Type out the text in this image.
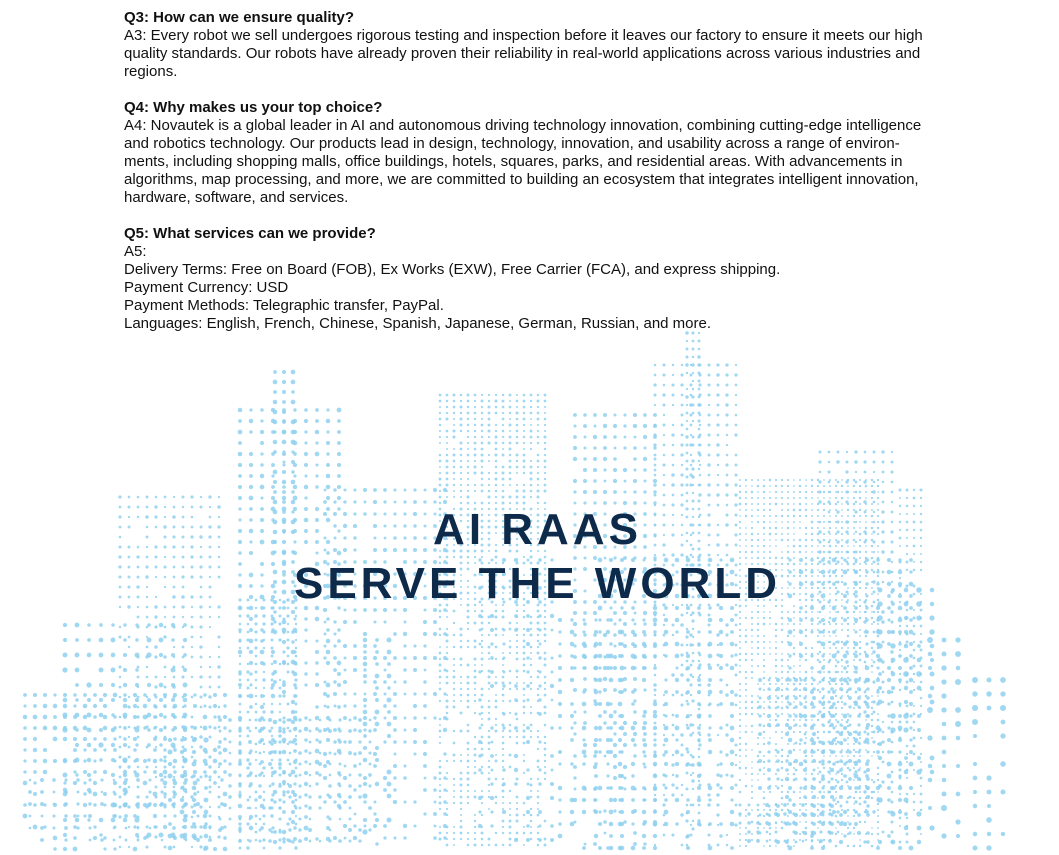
Q3: How can we ensure quality?
A3: Every robot we sell undergoes rigorous testing and inspection before it leaves our factory to ensure it meets our high
quality standards. Our robots have already proven their reliability in real-world applications across various industries and
regions.
Q4: Why makes us your top choice?
A4: Novautek is a global leader in AI and autonomous driving technology innovation, combining cutting-edge intelligence
and robotics technology. Our products lead in design, technology, innovation, and usability across a range of environ-
ments, including shopping malls, office buildings, hotels, squares, parks, and residential areas. With advancements in
algorithms, map processing, and more, we are committed to building an ecosystem that integrates intelligent innovation,
hardware, software, and services.
Q5: What services can we provide?
A5:
Delivery Terms: Free on Board (FOB), Ex Works (EXW), Free Carrier (FCA), and express shipping.
Payment Currency: USD
Payment Methods: Telegraphic transfer, PayPal.
Languages: English, French, Chinese, Spanish, Japanese, German, Russian, and more.
AI RAAS
SERVE THE WORLD
